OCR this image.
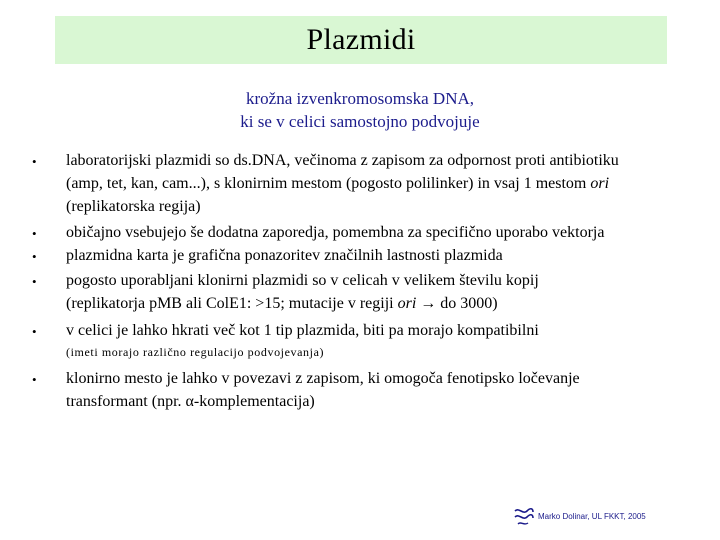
Plazmidi
krožna izvenkromosomska DNA,
ki se v celici samostojno podvojuje
• laboratorijski plazmidi so ds.DNA, večinoma z zapisom za odpornost proti antibiotiku
(amp, tet, kan, cam...), s klonirnim mestom (pogosto polilinker) in vsaj 1 mestom ori
(replikatorska regija)
• običajno vsebujejo še dodatna zaporedja, pomembna za specifično uporabo vektorja
• plazmidna karta je grafična ponazoritev značilnih lastnosti plazmida
• pogosto uporabljani klonirni plazmidi so v celicah v velikem številu kopij
(replikatorja pMB ali ColE1: >15; mutacije v regiji ori → do 3000)
• v celici je lahko hkrati več kot 1 tip plazmida, biti pa morajo kompatibilni
(imeti morajo različno regulacijo podvojevanja)
• klonirno mesto je lahko v povezavi z zapisom, ki omogoča fenotipsko ločevanje
transformant (npr. α-komplementacija)
Marko Dolinar, UL FKKT, 2005
